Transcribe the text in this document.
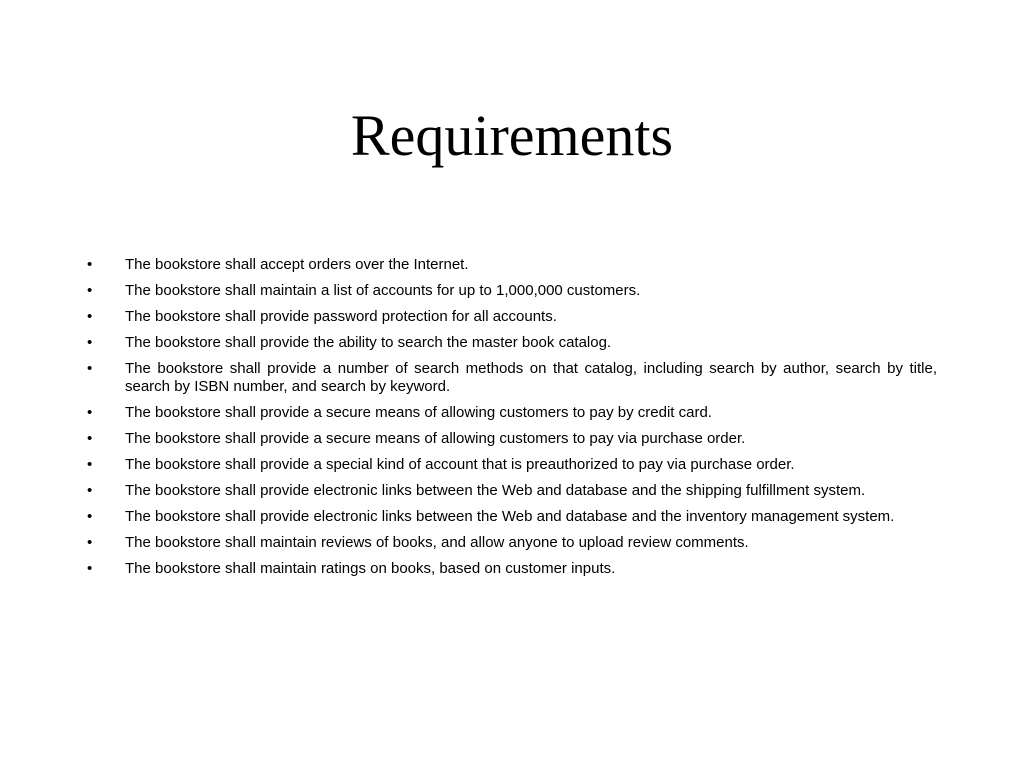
Requirements
•	The bookstore shall accept orders over the Internet.
•	The bookstore shall maintain a list of accounts for up to 1,000,000 customers.
•	The bookstore shall provide password protection for all accounts.
•	The bookstore shall provide the ability to search the master book catalog.
•	The bookstore shall provide a number of search methods on that catalog, including search by author, search by title, search by ISBN number, and search by keyword.
•	The bookstore shall provide a secure means of allowing customers to pay by credit card.
•	The bookstore shall provide a secure means of allowing customers to pay via purchase order.
•	The bookstore shall provide a special kind of account that is preauthorized to pay via purchase order.
•	The bookstore shall provide electronic links between the Web and database and the shipping fulfillment system.
•	The bookstore shall provide electronic links between the Web and database and the inventory management system.
•	The bookstore shall maintain reviews of books, and allow anyone to upload review comments.
•	The bookstore shall maintain ratings on books, based on customer inputs.
